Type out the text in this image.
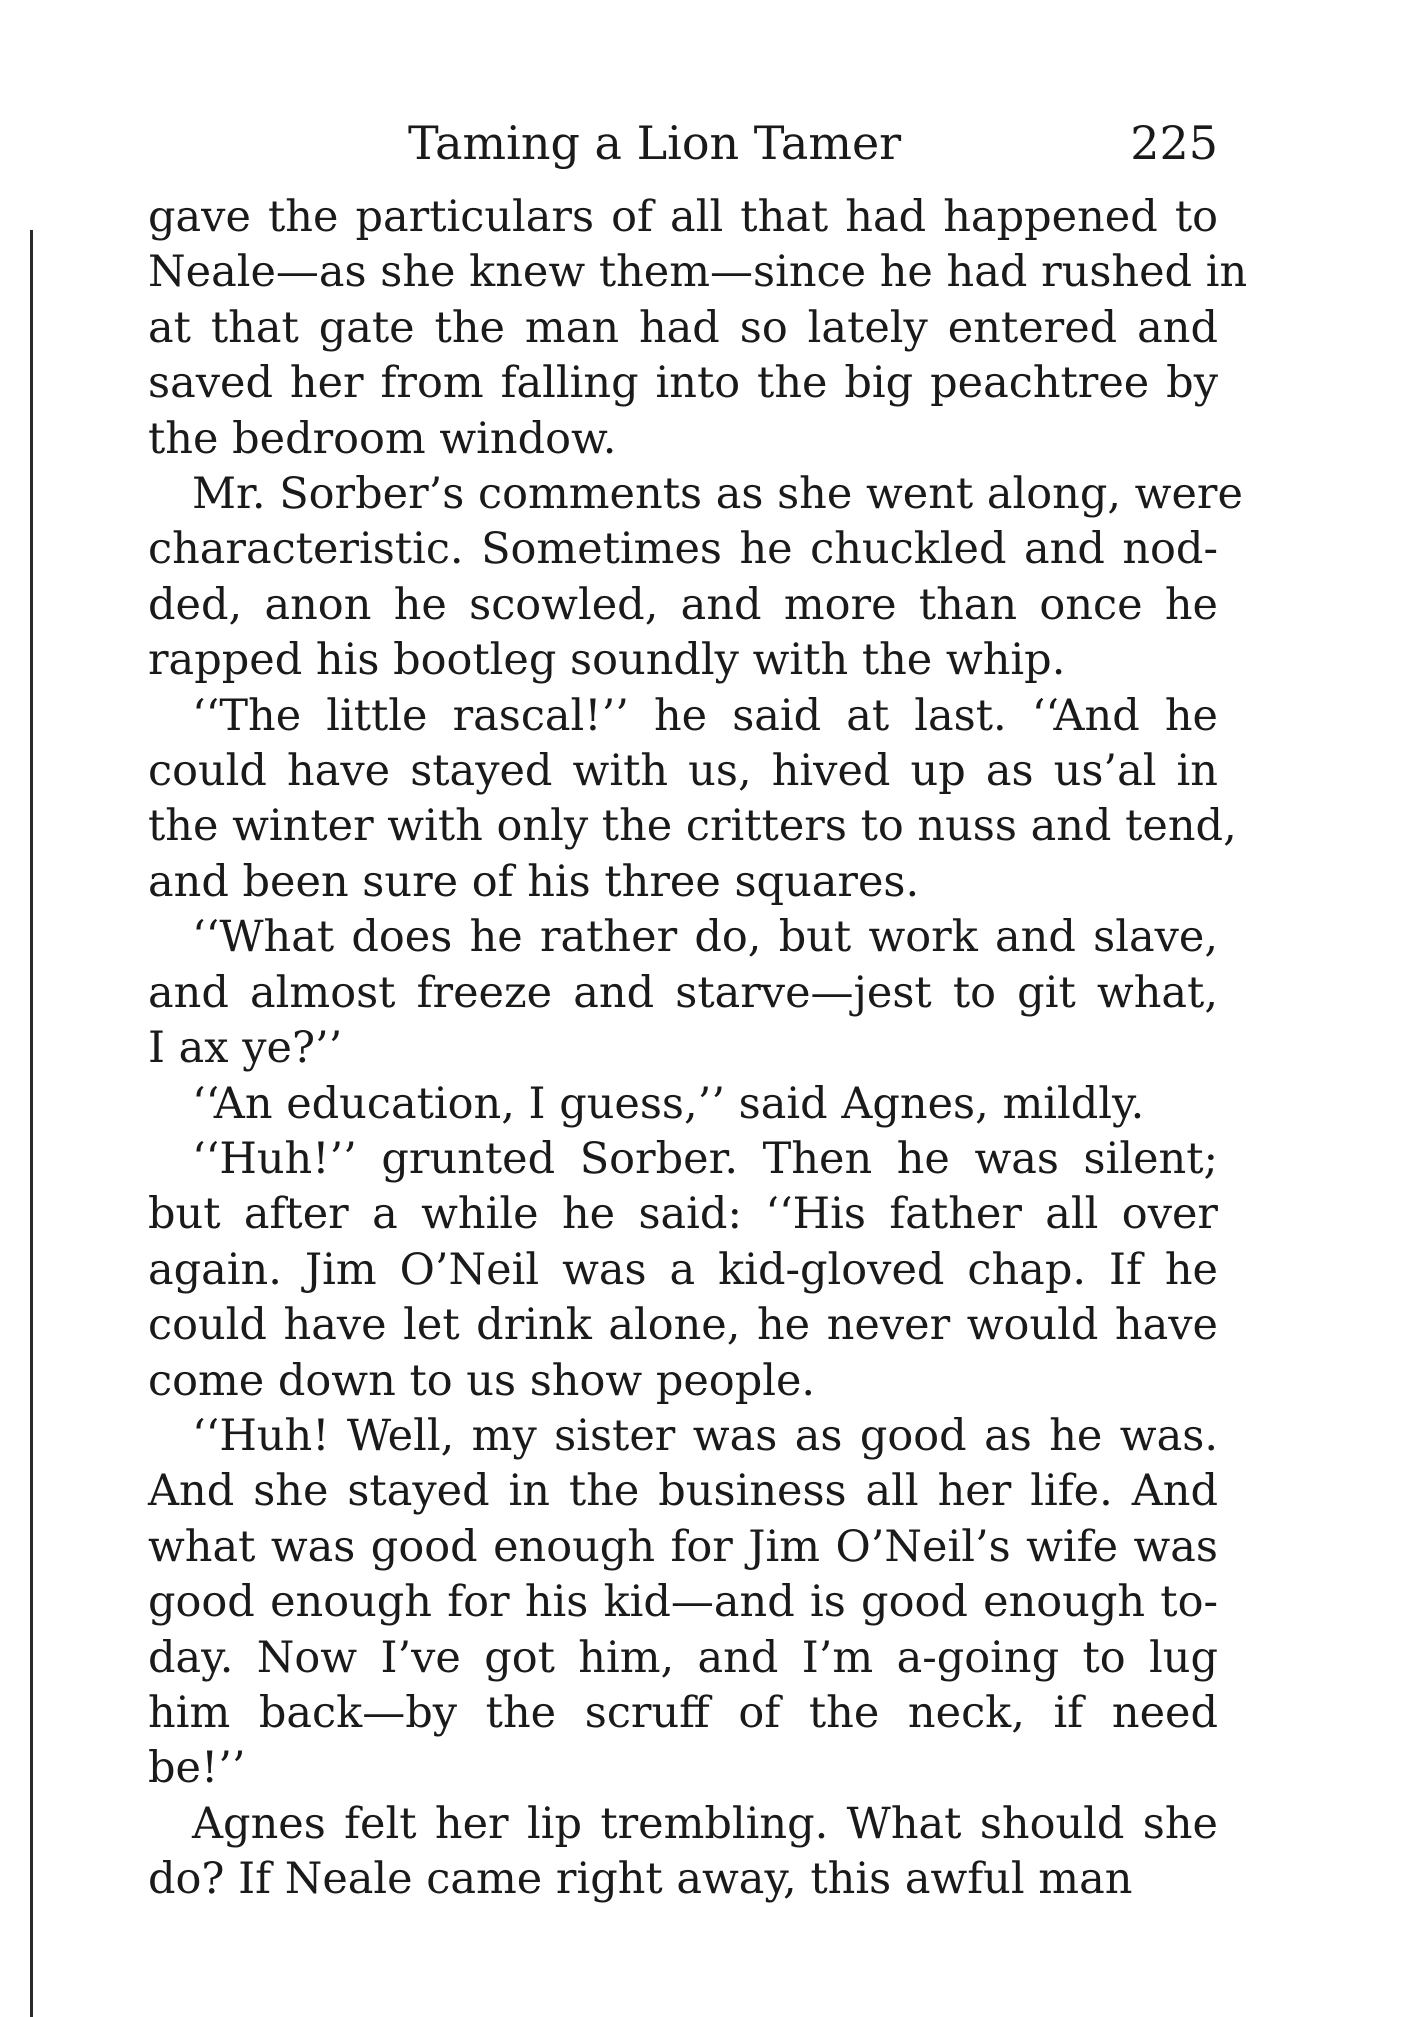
Taming a Lion Tamer	225
gave the particulars of all that had happened to
Neale—as she knew them—since he had rushed in
at that gate the man had so lately entered and
saved her from falling into the big peachtree by
the bedroom window.
Mr. Sorber’s comments as she went along, were
characteristic. Sometimes he chuckled and nod-
ded, anon he scowled, and more than once he
rapped his bootleg soundly with the whip.
‘‘The little rascal!’’ he said at last. ‘‘And he
could have stayed with us, hived up as us’al in
the winter with only the critters to nuss and tend,
and been sure of his three squares.
‘‘What does he rather do, but work and slave,
and almost freeze and starve—jest to git what,
I ax ye?’’
‘‘An education, I guess,’’ said Agnes, mildly.
‘‘Huh!’’ grunted Sorber. Then he was silent;
but after a while he said: ‘‘His father all over
again. Jim O’Neil was a kid-gloved chap. If he
could have let drink alone, he never would have
come down to us show people.
‘‘Huh! Well, my sister was as good as he was.
And she stayed in the business all her life. And
what was good enough for Jim O’Neil’s wife was
good enough for his kid—and is good enough to-
day. Now I’ve got him, and I’m a-going to lug
him back—by the scruff of the neck, if need
be!’’
Agnes felt her lip trembling. What should she
do? If Neale came right away, this awful man
